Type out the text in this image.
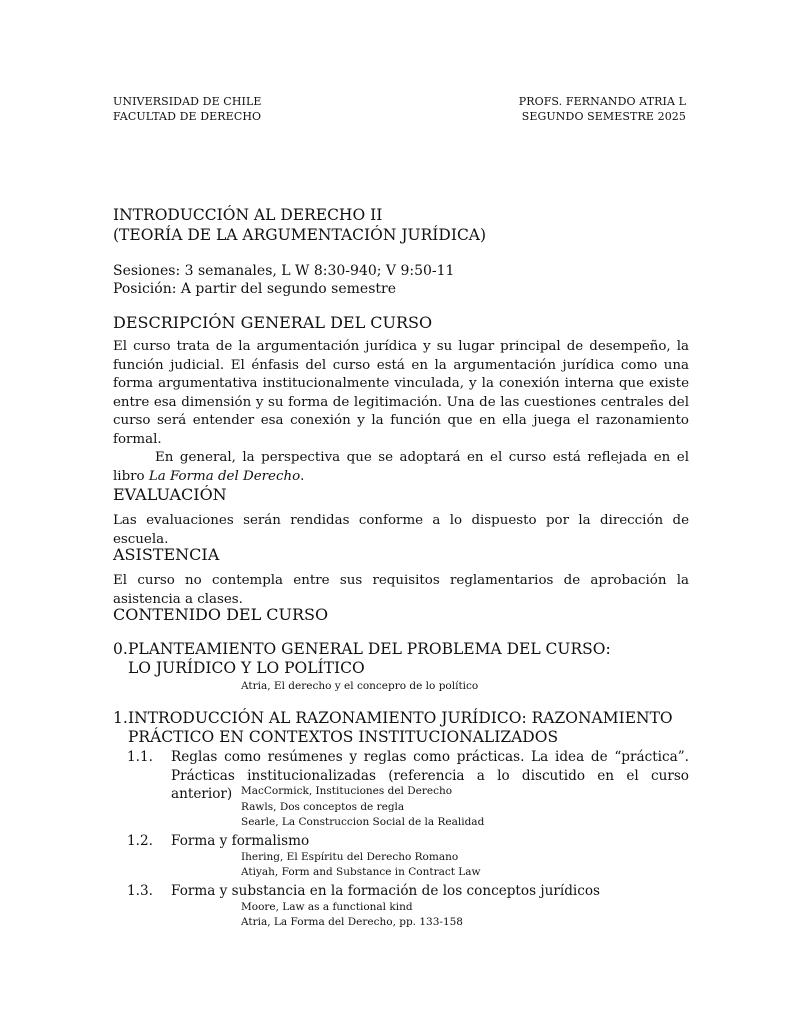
UNIVERSIDAD DE CHILE
FACULTAD DE DERECHO
PROFS. FERNANDO ATRIA L
SEGUNDO SEMESTRE 2025
INTRODUCCIÓN AL DERECHO II
(TEORÍA DE LA ARGUMENTACIÓN JURÍDICA)
Sesiones: 3 semanales, L W 8:30-940; V 9:50-11
Posición: A partir del segundo semestre
DESCRIPCIÓN GENERAL DEL CURSO

El curso trata de la argumentación jurídica y su lugar principal de desempeño, la función judicial. El énfasis del curso está en la argumentación jurídica como una forma argumentativa institucionalmente vinculada, y la conexión interna que existe entre esa dimensión y su forma de legitimación. Una de las cuestiones centrales del curso será entender esa conexión y la función que en ella juega el razonamiento formal.

En general, la perspectiva que se adoptará en el curso está reflejada en el libro La Forma del Derecho.

EVALUACIÓN
Las evaluaciones serán rendidas conforme a lo dispuesto por la dirección de escuela.
ASISTENCIA
El curso no contempla entre sus requisitos reglamentarios de aprobación la asistencia a clases.
CONTENIDO DEL CURSO
0. PLANTEAMIENTO GENERAL DEL PROBLEMA DEL CURSO:
LO JURÍDICO Y LO POLÍTICO
Atria, El derecho y el concepro de lo político
1. INTRODUCCIÓN AL RAZONAMIENTO JURÍDICO: RAZONAMIENTO
PRÁCTICO EN CONTEXTOS INSTITUCIONALIZADOS
1.1. Reglas como resúmenes y reglas como prácticas. La idea de “práctica”. Prácticas institucionalizadas (referencia a lo discutido en el curso anterior) MacCormick, Instituciones del Derecho
Rawls, Dos conceptos de regla
Searle, La Construccion Social de la Realidad
1.2. Forma y formalismo
Ihering, El Espíritu del Derecho Romano
Atiyah, Form and Substance in Contract Law
1.3. Forma y substancia en la formación de los conceptos jurídicos
Moore, Law as a functional kind
Atria, La Forma del Derecho, pp. 133-158
